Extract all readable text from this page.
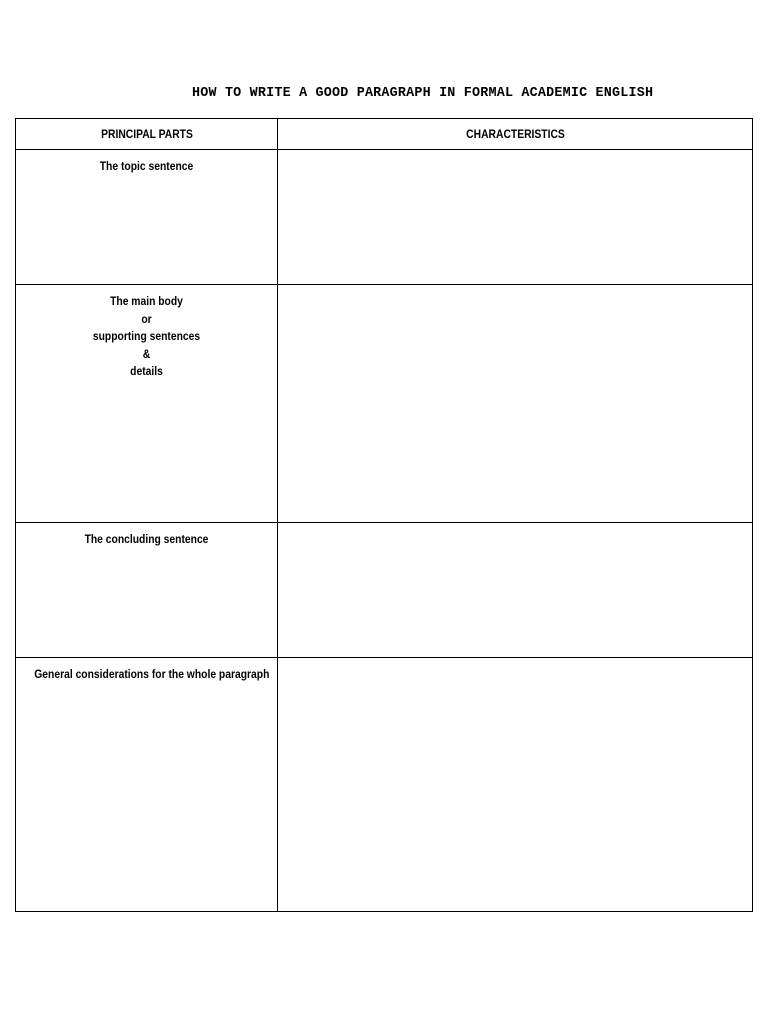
HOW TO WRITE A GOOD PARAGRAPH IN FORMAL ACADEMIC ENGLISH
PRINCIPAL PARTS	CHARACTERISTICS

The topic sentence	

The main body
or
supporting sentences
&
details	

The concluding sentence	

General considerations for the whole paragraph	
